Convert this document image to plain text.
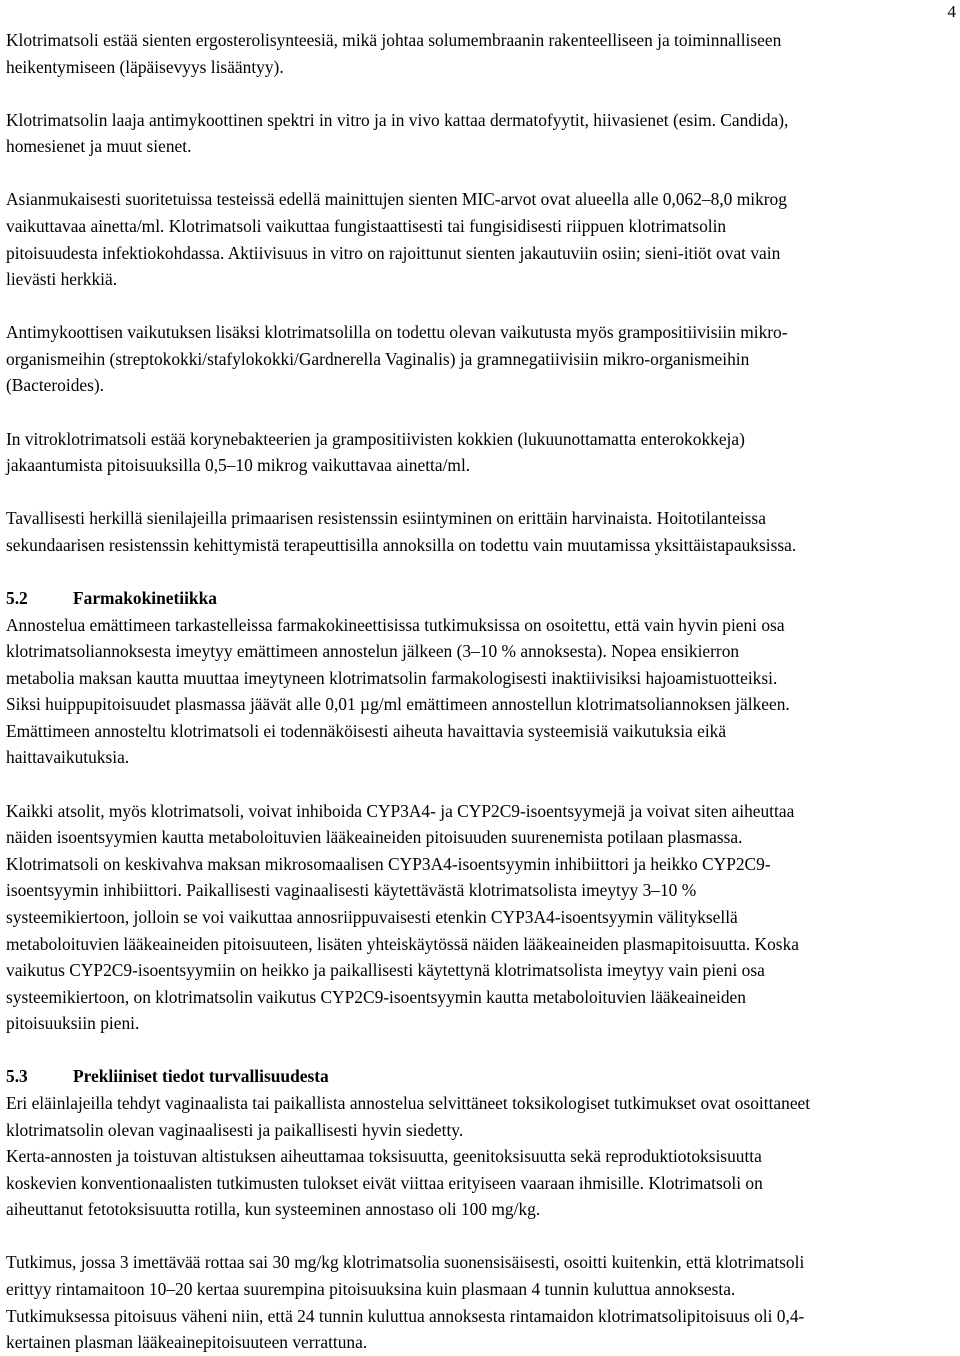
4

Klotrimatsoli estää sienten ergosterolisynteesiä, mikä johtaa solumembraanin rakenteelliseen ja toiminnalliseen
heikentymiseen (läpäisevyys lisääntyy).

Klotrimatsolin laaja antimykoottinen spektri in vitro ja in vivo kattaa dermatofyytit, hiivasienet (esim. Candida),
homesienet ja muut sienet.

Asianmukaisesti suoritetuissa testeissä edellä mainittujen sienten MIC-arvot ovat alueella alle 0,062–8,0 mikrog
vaikuttavaa ainetta/ml. Klotrimatsoli vaikuttaa fungistaattisesti tai fungisidisesti riippuen klotrimatsolin
pitoisuudesta infektiokohdassa. Aktiivisuus in vitro on rajoittunut sienten jakautuviin osiin; sieni-itiöt ovat vain
lievästi herkkiä.

Antimykoottisen vaikutuksen lisäksi klotrimatsolilla on todettu olevan vaikutusta myös grampositiivisiin mikro-
organismeihin (streptokokki/stafylokokki/Gardnerella Vaginalis) ja gramnegatiivisiin mikro-organismeihin
(Bacteroides).

In vitroklotrimatsoli estää korynebakteerien ja grampositiivisten kokkien (lukuunottamatta enterokokkeja)
jakaantumista pitoisuuksilla 0,5–10 mikrog vaikuttavaa ainetta/ml.

Tavallisesti herkillä sienilajeilla primaarisen resistenssin esiintyminen on erittäin harvinaista. Hoitotilanteissa
sekundaarisen resistenssin kehittymistä terapeuttisilla annoksilla on todettu vain muutamissa yksittäistapauksissa.

5.2	Farmakokinetiikka

Annostelua emättimeen tarkastelleissa farmakokineettisissa tutkimuksissa on osoitettu, että vain hyvin pieni osa
klotrimatsoliannoksesta imeytyy emättimeen annostelun jälkeen (3–10 % annoksesta). Nopea ensikierron
metabolia maksan kautta muuttaa imeytyneen klotrimatsolin farmakologisesti inaktiivisiksi hajoamistuotteiksi.
Siksi huippupitoisuudet plasmassa jäävät alle 0,01 µg/ml emättimeen annostellun klotrimatsoliannoksen jälkeen.
Emättimeen annosteltu klotrimatsoli ei todennäköisesti aiheuta havaittavia systeemisiä vaikutuksia eikä
haittavaikutuksia.

Kaikki atsolit, myös klotrimatsoli, voivat inhiboida CYP3A4- ja CYP2C9-isoentsyymejä ja voivat siten aiheuttaa
näiden isoentsyymien kautta metaboloituvien lääkeaineiden pitoisuuden suurenemista potilaan plasmassa.
Klotrimatsoli on keskivahva maksan mikrosomaalisen CYP3A4-isoentsyymin inhibiittori ja heikko CYP2C9-
isoentsyymin inhibiittori. Paikallisesti vaginaalisesti käytettävästä klotrimatsolista imeytyy 3–10 %
systeemikiertoon, jolloin se voi vaikuttaa annosriippuvaisesti etenkin CYP3A4-isoentsyymin välityksellä
metaboloituvien lääkeaineiden pitoisuuteen, lisäten yhteiskäytössä näiden lääkeaineiden plasmapitoisuutta. Koska
vaikutus CYP2C9-isoentsyymiin on heikko ja paikallisesti käytettynä klotrimatsolista imeytyy vain pieni osa
systeemikiertoon, on klotrimatsolin vaikutus CYP2C9-isoentsyymin kautta metaboloituvien lääkeaineiden
pitoisuuksiin pieni.

5.3	Prekliiniset tiedot turvallisuudesta

Eri eläinlajeilla tehdyt vaginaalista tai paikallista annostelua selvittäneet toksikologiset tutkimukset ovat osoittaneet
klotrimatsolin olevan vaginaalisesti ja paikallisesti hyvin siedetty.

Kerta-annosten ja toistuvan altistuksen aiheuttamaa toksisuutta, geenitoksisuutta sekä reproduktiotoksisuutta
koskevien konventionaalisten tutkimusten tulokset eivät viittaa erityiseen vaaraan ihmisille. Klotrimatsoli on
aiheuttanut fetotoksisuutta rotilla, kun systeeminen annostaso oli 100 mg/kg.

Tutkimus, jossa 3 imettävää rottaa sai 30 mg/kg klotrimatsolia suonensisäisesti, osoitti kuitenkin, että klotrimatsoli
erittyy rintamaitoon 10–20 kertaa suurempina pitoisuuksina kuin plasmaan 4 tunnin kuluttua annoksesta.

Tutkimuksessa pitoisuus väheni niin, että 24 tunnin kuluttua annoksesta rintamaidon klotrimatsolipitoisuus oli 0,4-
kertainen plasman lääkeainepitoisuuteen verrattuna.
